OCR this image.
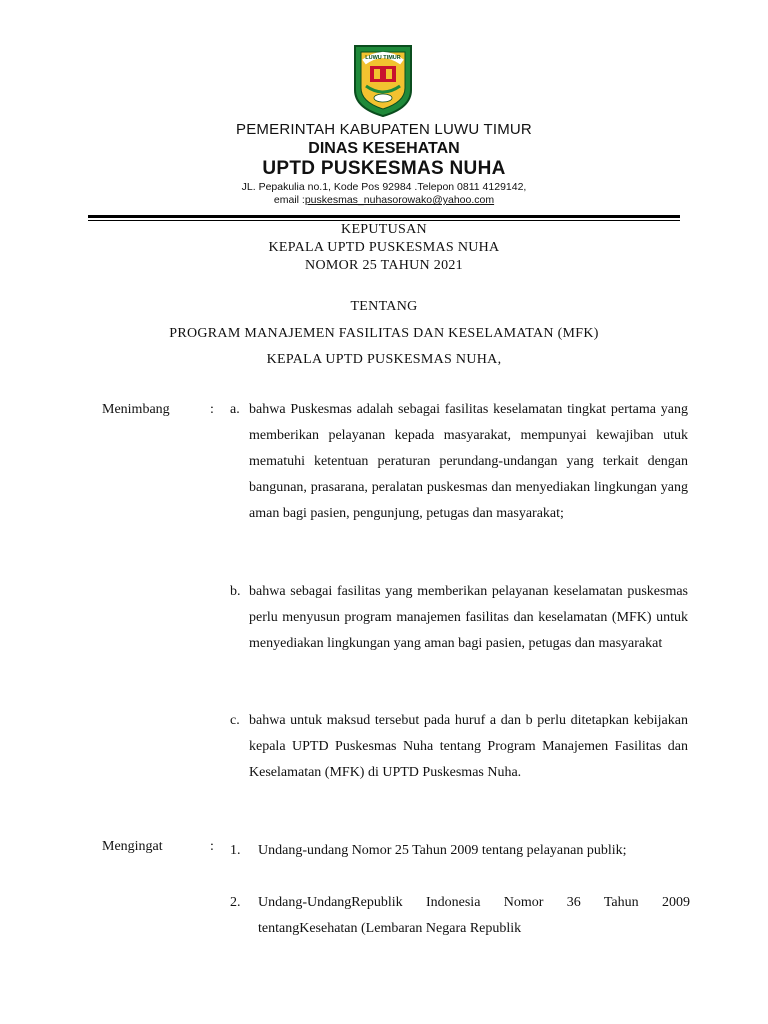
LUWU TIMUR
PEMERINTAH KABUPATEN LUWU TIMUR
DINAS KESEHATAN
UPTD PUSKESMAS NUHA
JL. Pepakulia no.1, Kode Pos 92984 .Telepon 0811 4129142,
email :puskesmas_nuhasorowako@yahoo.com
KEPUTUSAN
KEPALA UPTD PUSKESMAS NUHA
NOMOR 25 TAHUN 2021
TENTANG
PROGRAM MANAJEMEN FASILITAS DAN KESELAMATAN (MFK)
KEPALA UPTD PUSKESMAS NUHA,
Menimbang	: a. bahwa Puskesmas adalah sebagai fasilitas keselamatan tingkat pertama yang memberikan pelayanan kepada masyarakat, mempunyai kewajiban utuk mematuhi ketentuan peraturan perundang-undangan yang terkait dengan bangunan, prasarana, peralatan puskesmas dan menyediakan lingkungan yang aman bagi pasien, pengunjung, petugas dan masyarakat;
b. bahwa sebagai fasilitas yang memberikan pelayanan keselamatan puskesmas perlu menyusun program manajemen fasilitas dan keselamatan (MFK) untuk menyediakan lingkungan yang aman bagi pasien, petugas dan masyarakat
c. bahwa untuk maksud tersebut pada huruf a dan b perlu ditetapkan kebijakan kepala UPTD Puskesmas Nuha tentang Program Manajemen Fasilitas dan Keselamatan (MFK) di UPTD Puskesmas Nuha.
Mengingat	: 1. Undang-undang Nomor 25 Tahun 2009 tentang pelayanan publik;
2. Undang-UndangRepublik Indonesia Nomor 36 Tahun 2009 tentangKesehatan (Lembaran Negara Republik
